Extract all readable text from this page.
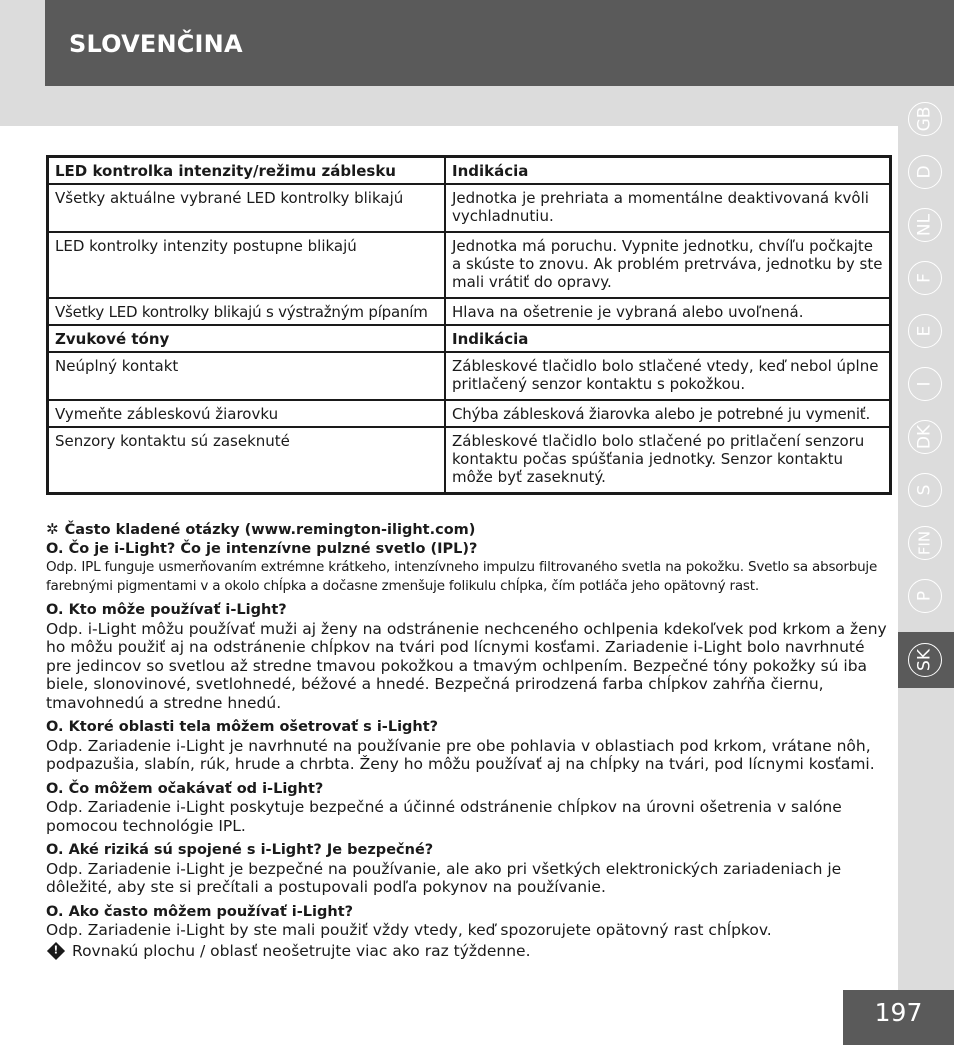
SLOVENČINA
GB
D
NL
F
E
I
DK
S
FIN
P
SK
LED kontrolka intenzity/režimu záblesku	Indikácia
Všetky aktuálne vybrané LED kontrolky blikajú	Jednotka je prehriata a momentálne deaktivovaná kvôli vychladnutiu.
LED kontrolky intenzity postupne blikajú	Jednotka má poruchu. Vypnite jednotku, chvíľu počkajte a skúste to znovu. Ak problém pretrváva, jednotku by ste mali vrátiť do opravy.
Všetky LED kontrolky blikajú s výstražným pípaním	Hlava na ošetrenie je vybraná alebo uvoľnená.
Zvukové tóny	Indikácia
Neúplný kontakt	Zábleskové tlačidlo bolo stlačené vtedy, keď nebol úplne pritlačený senzor kontaktu s pokožkou.
Vymeňte zábleskovú žiarovku	Chýba záblesková žiarovka alebo je potrebné ju vymeniť.
Senzory kontaktu sú zaseknuté	Zábleskové tlačidlo bolo stlačené po pritlačení senzoru kontaktu počas spúšťania jednotky. Senzor kontaktu môže byť zaseknutý.

✲ Často kladené otázky (www.remington-ilight.com)

O. Čo je i-Light? Čo je intenzívne pulzné svetlo (IPL)?

Odp. IPL funguje usmerňovaním extrémne krátkeho, intenzívneho impulzu filtrovaného svetla na pokožku. Svetlo sa absorbuje farebnými pigmentami v a okolo chĺpka a dočasne zmenšuje folikulu chĺpka, čím potláča jeho opätovný rast.

O. Kto môže používať i-Light?

Odp. i-Light môžu používať muži aj ženy na odstránenie nechceného ochlpenia kdekoľvek pod krkom a ženy ho môžu použiť aj na odstránenie chĺpkov na tvári pod lícnymi kosťami. Zariadenie i-Light bolo navrhnuté pre jedincov so svetlou až stredne tmavou pokožkou a tmavým ochlpením. Bezpečné tóny pokožky sú iba biele, slonovinové, svetlohnedé, béžové a hnedé. Bezpečná prirodzená farba chĺpkov zahŕňa čiernu, tmavohnedú a stredne hnedú.

O. Ktoré oblasti tela môžem ošetrovať s i-Light?

Odp. Zariadenie i-Light je navrhnuté na používanie pre obe pohlavia v oblastiach pod krkom, vrátane nôh, podpazušia, slabín, rúk, hrude a chrbta. Ženy ho môžu používať aj na chĺpky na tvári, pod lícnymi kosťami.

O. Čo môžem očakávať od i-Light?

Odp. Zariadenie i-Light poskytuje bezpečné a účinné odstránenie chĺpkov na úrovni ošetrenia v salóne pomocou technológie IPL.

O. Aké riziká sú spojené s i-Light? Je bezpečné?

Odp. Zariadenie i-Light je bezpečné na používanie, ale ako pri všetkých elektronických zariadeniach je dôležité, aby ste si prečítali a postupovali podľa pokynov na používanie.

O. Ako často môžem používať i-Light?

Odp. Zariadenie i-Light by ste mali použiť vždy vtedy, keď spozorujete opätovný rast chĺpkov.

! Rovnakú plochu / oblasť neošetrujte viac ako raz týždenne.

197
